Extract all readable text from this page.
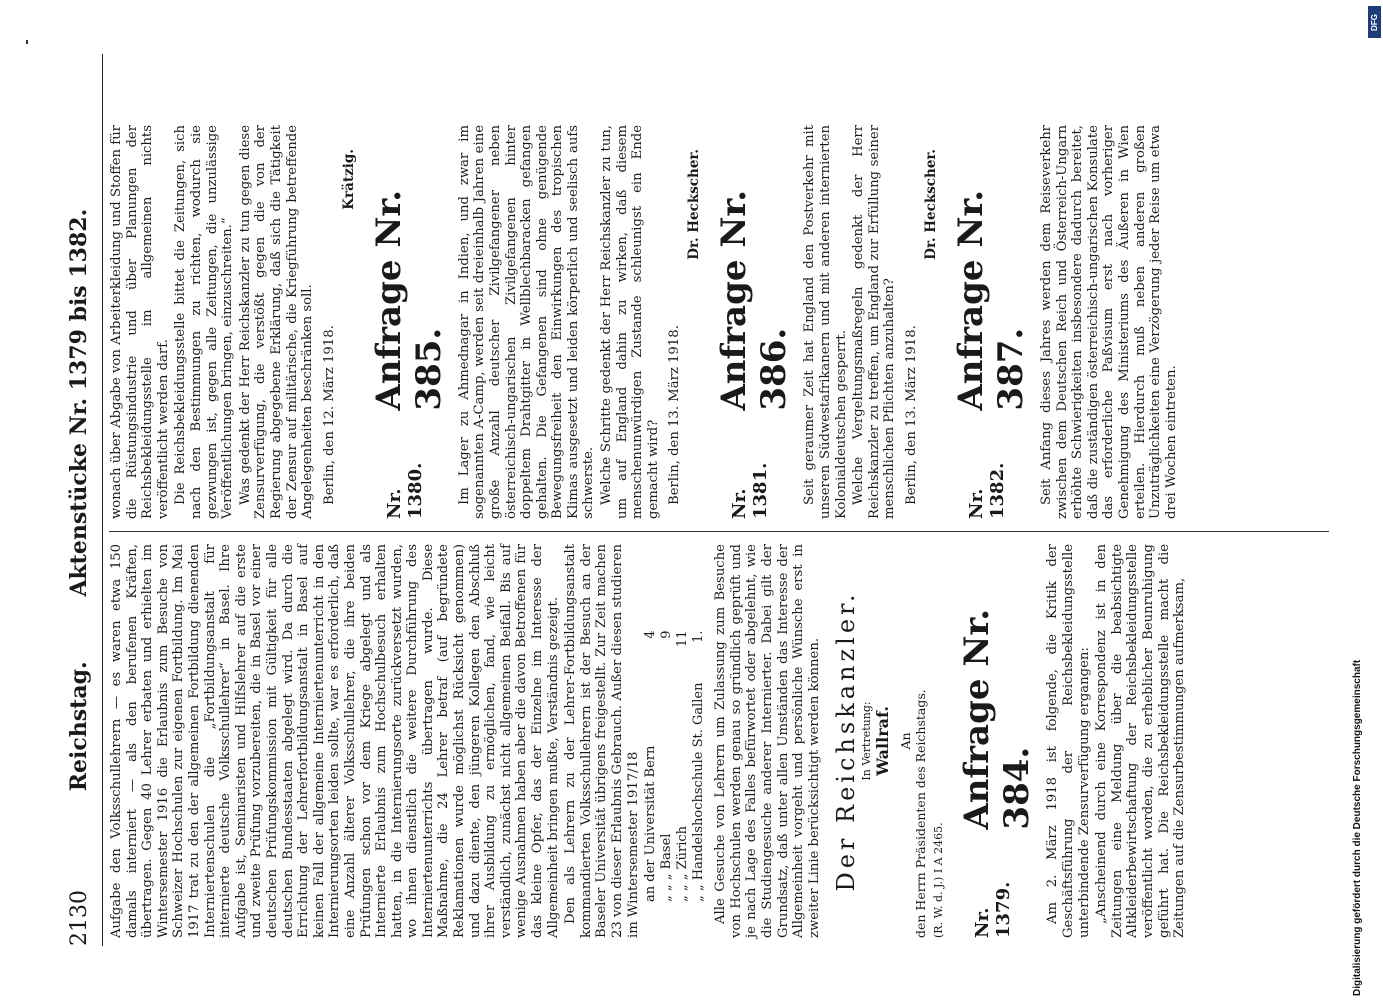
2130
Reichstag.
Aktenstücke Nr. 1379 bis 1382.

Aufgabe den Volksschullehrern — es waren etwa 150 damals interniert — als den berufenen Kräften, übertragen. Gegen 40 Lehrer erbaten und erhielten im Wintersemester 1916 die Erlaubnis zum Besuche von Schweizer Hochschulen zur eigenen Fortbildung. Im Mai 1917 trat zu den der allgemeinen Fortbildung dienenden Interniertenschulen die „Fortbildungsanstalt für internierte deutsche Volksschullehrer“ in Basel. Ihre Aufgabe ist, Seminaristen und Hilfslehrer auf die erste und zweite Prüfung vorzubereiten, die in Basel vor einer deutschen Prüfungskommission mit Gültigkeit für alle deutschen Bundesstaaten abgelegt wird. Da durch die Errichtung der Lehrerfortbildungsanstalt in Basel auf keinen Fall der allgemeine Interniertenunterricht in den Internierungsorten leiden sollte, war es erforderlich, daß eine Anzahl älterer Volksschullehrer, die ihre beiden Prüfungen schon vor dem Kriege abgelegt und als Internierte Erlaubnis zum Hochschulbesuch erhalten hatten, in die Internierungsorte zurückversetzt wurden, wo ihnen dienstlich die weitere Durchführung des Interniertenunterrichts übertragen wurde. Diese Maßnahme, die 24 Lehrer betraf (auf begründete Reklamationen wurde möglichst Rücksicht genommen) und dazu diente, den jüngeren Kollegen den Abschluß ihrer Ausbildung zu ermöglichen, fand, wie leicht verständlich, zunächst nicht allgemeinen Beifall. Bis auf wenige Ausnahmen haben aber die davon Betroffenen für das kleine Opfer, das der Einzelne im Interesse der Allgemeinheit bringen mußte, Verständnis gezeigt. Den als Lehrern zu der Lehrer-Fortbildungsanstalt kommandierten Volksschullehrern ist der Besuch an der Baseler Universität übrigens freigestellt. Zur Zeit machen 23 von dieser Erlaubnis Gebrauch. Außer diesen studieren im Wintersemester 1917/18 an der Universität Bern	4
„ „ „ Basel	9
„ „ „ Zürich	11
„ „ Handelshochschule St. Gallen	1. Alle Gesuche von Lehrern um Zulassung zum Besuche von Hochschulen werden genau so gründlich geprüft und je nach Lage des Falles befürwortet oder abgelehnt, wie die Studiengesuche anderer Internierter. Dabei gilt der Grundsatz, daß unter allen Umständen das Interesse der Allgemeinheit vorgeht und persönliche Wünsche erst in zweiter Linie berücksichtigt werden können. Der Reichskanzler. In Vertretung: Wallraf. An den Herrn Präsidenten des Reichstags. (R. W. d. J.) I A 2465. Nr. 1379.
Anfrage Nr. 384. Am 2. März 1918 ist folgende, die Kritik der Geschäftsführung der Reichsbekleidungsstelle unterbindende Zensurverfügung ergangen: „Anscheinend durch eine Korrespondenz ist in den Zeitungen eine Meldung über die beabsichtigte Altkleiderbewirtschaftung der Reichsbekleidungsstelle veröffentlicht worden, die zu erheblicher Beunruhigung geführt hat. Die Reichsbekleidungsstelle macht die Zeitungen auf die Zensurbestimmungen aufmerksam,

wonach über Abgabe von Arbeiterkleidung und Stoffen für die Rüstungsindustrie und über Planungen der Reichsbekleidungsstelle im allgemeinen nichts veröffentlicht werden darf. Die Reichsbekleidungsstelle bittet die Zeitungen, sich nach den Bestimmungen zu richten, wodurch sie gezwungen ist, gegen alle Zeitungen, die unzulässige Veröffentlichungen bringen, einzuschreiten.“ Was gedenkt der Herr Reichskanzler zu tun gegen diese Zensurverfügung, die verstößt gegen die von der Regierung abgegebene Erklärung, daß sich die Tätigkeit der Zensur auf militärische, die Kriegführung betreffende Angelegenheiten beschränken soll. Berlin, den 12. März 1918.
Krätzig.
Nr. 1380.
Anfrage Nr. 385. Im Lager zu Ahmednagar in Indien, und zwar im sogenannten A-Camp, werden seit dreieinhalb Jahren eine große Anzahl deutscher Zivilgefangener neben österreichisch-ungarischen Zivilgefangenen hinter doppeltem Drahtgitter in Wellblechbaracken gefangen gehalten. Die Gefangenen sind ohne genügende Bewegungsfreiheit den Einwirkungen des tropischen Klimas ausgesetzt und leiden körperlich und seelisch aufs schwerste. Welche Schritte gedenkt der Herr Reichskanzler zu tun, um auf England dahin zu wirken, daß diesem menschenunwürdigen Zustande schleunigst ein Ende gemacht wird? Berlin, den 13. März 1918.
Dr. Heckscher.
Nr. 1381.
Anfrage Nr. 386. Seit geraumer Zeit hat England den Postverkehr mit unseren Südwestafrikanern und mit anderen internierten Kolonialdeutschen gesperrt. Welche Vergeltungsmaßregeln gedenkt der Herr Reichskanzler zu treffen, um England zur Erfüllung seiner menschlichen Pflichten anzuhalten? Berlin, den 13. März 1918.
Dr. Heckscher.
Nr. 1382.
Anfrage Nr. 387. Seit Anfang dieses Jahres werden dem Reiseverkehr zwischen dem Deutschen Reich und Österreich-Ungarn erhöhte Schwierigkeiten insbesondere dadurch bereitet, daß die zuständigen österreichisch-ungarischen Konsulate das erforderliche Paßvisum erst nach vorheriger Genehmigung des Ministeriums des Äußeren in Wien erteilen. Hierdurch muß neben anderen großen Unzuträglichkeiten eine Verzögerung jeder Reise um etwa drei Wochen eintreten.

Digitalisierung gefördert durch die Deutsche Forschungsgemeinschaft
DFG
